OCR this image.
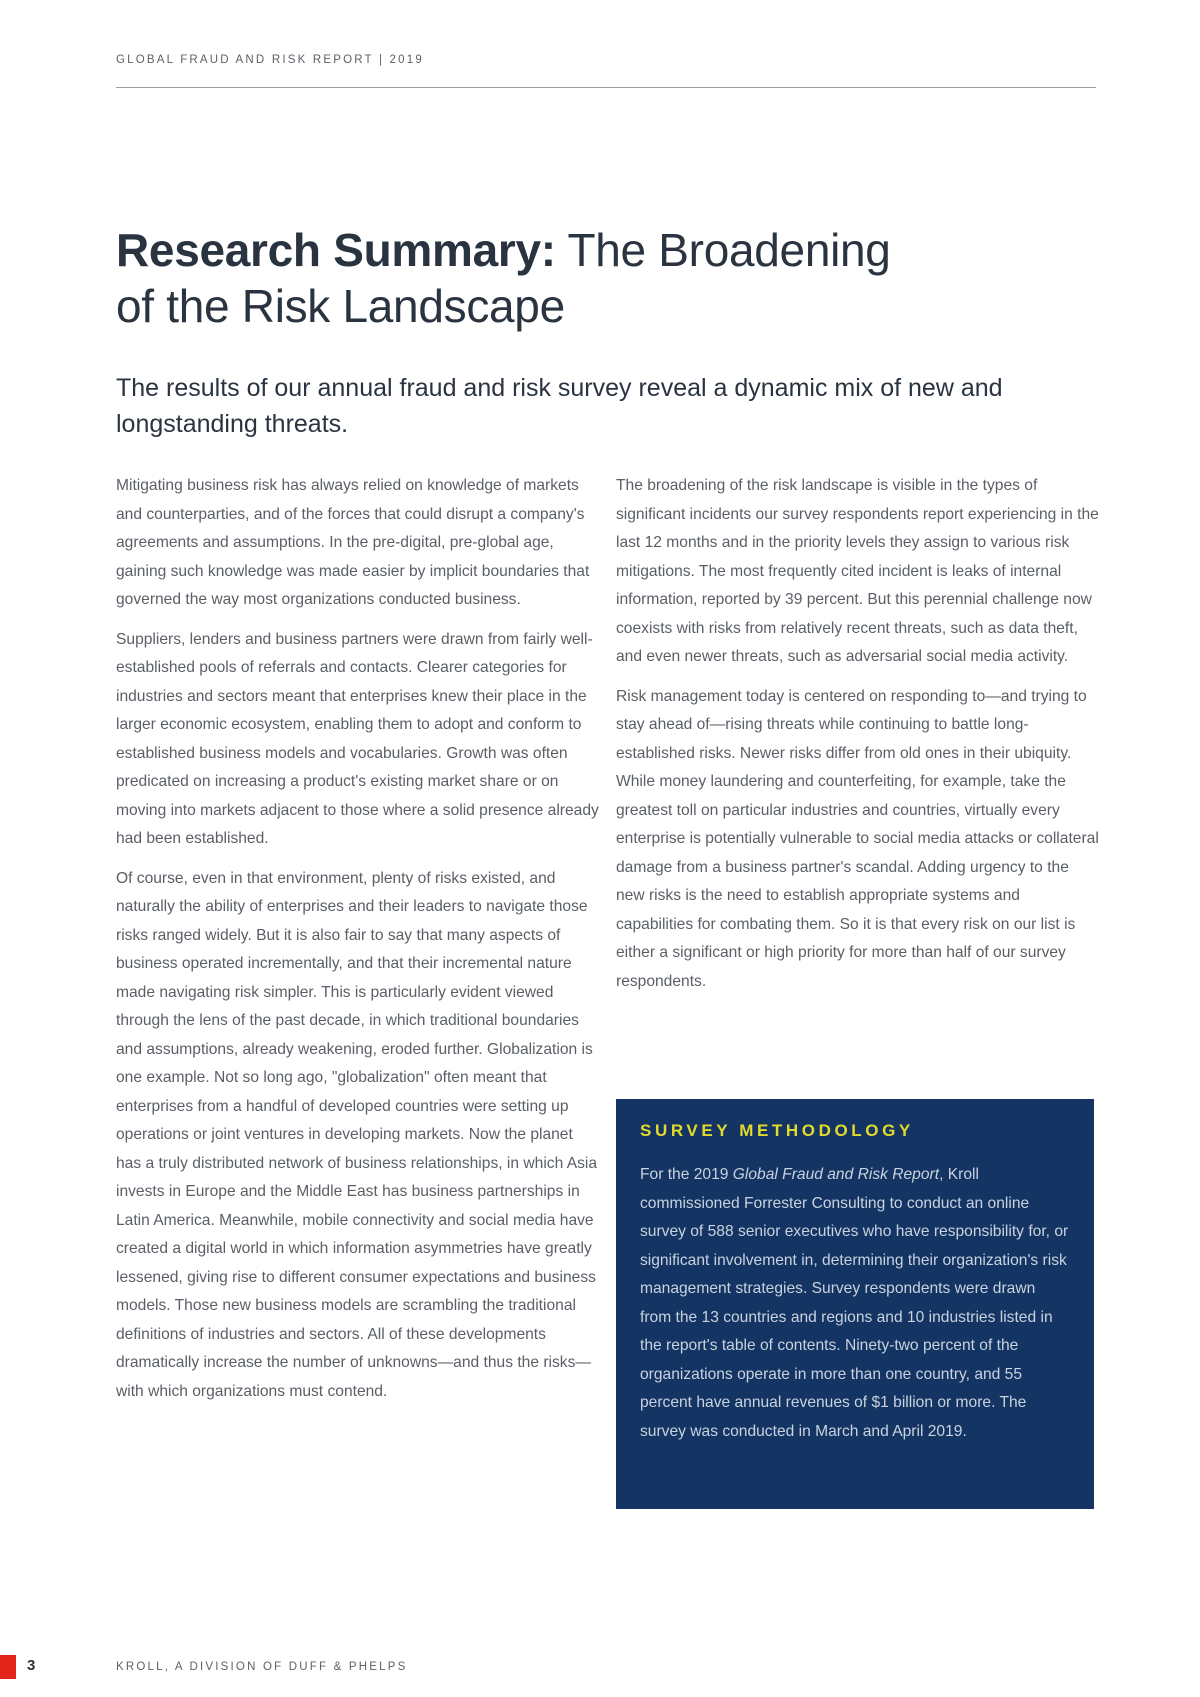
GLOBAL FRAUD AND RISK REPORT | 2019
Research Summary: The Broadening
of the Risk Landscape
The results of our annual fraud and risk survey reveal a dynamic mix of new and longstanding threats.

Mitigating business risk has always relied on knowledge of markets and counterparties, and of the forces that could disrupt a company's agreements and assumptions. In the pre-digital, pre-global age, gaining such knowledge was made easier by implicit boundaries that governed the way most organizations conducted business.

Suppliers, lenders and business partners were drawn from fairly well-established pools of referrals and contacts. Clearer categories for industries and sectors meant that enterprises knew their place in the larger economic ecosystem, enabling them to adopt and conform to established business models and vocabularies. Growth was often predicated on increasing a product's existing market share or on moving into markets adjacent to those where a solid presence already had been established.

Of course, even in that environment, plenty of risks existed, and naturally the ability of enterprises and their leaders to navigate those risks ranged widely. But it is also fair to say that many aspects of business operated incrementally, and that their incremental nature made navigating risk simpler. This is particularly evident viewed through the lens of the past decade, in which traditional boundaries and assumptions, already weakening, eroded further. Globalization is one example. Not so long ago, "globalization" often meant that enterprises from a handful of developed countries were setting up operations or joint ventures in developing markets. Now the planet has a truly distributed network of business relationships, in which Asia invests in Europe and the Middle East has business partnerships in Latin America. Meanwhile, mobile connectivity and social media have created a digital world in which information asymmetries have greatly lessened, giving rise to different consumer expectations and business models. Those new business models are scrambling the traditional definitions of industries and sectors. All of these developments dramatically increase the number of unknowns—and thus the risks—with which organizations must contend.

The broadening of the risk landscape is visible in the types of significant incidents our survey respondents report experiencing in the last 12 months and in the priority levels they assign to various risk mitigations. The most frequently cited incident is leaks of internal information, reported by 39 percent. But this perennial challenge now coexists with risks from relatively recent threats, such as data theft, and even newer threats, such as adversarial social media activity.

Risk management today is centered on responding to—and trying to stay ahead of—rising threats while continuing to battle long-established risks. Newer risks differ from old ones in their ubiquity. While money laundering and counterfeiting, for example, take the greatest toll on particular industries and countries, virtually every enterprise is potentially vulnerable to social media attacks or collateral damage from a business partner's scandal. Adding urgency to the new risks is the need to establish appropriate systems and capabilities for combating them. So it is that every risk on our list is either a significant or high priority for more than half of our survey respondents.

SURVEY METHODOLOGY

For the 2019 Global Fraud and Risk Report, Kroll commissioned Forrester Consulting to conduct an online survey of 588 senior executives who have responsibility for, or significant involvement in, determining their organization's risk management strategies. Survey respondents were drawn from the 13 countries and regions and 10 industries listed in the report's table of contents. Ninety-two percent of the organizations operate in more than one country, and 55 percent have annual revenues of $1 billion or more. The survey was conducted in March and April 2019.

3	KROLL, A DIVISION OF DUFF & PHELPS
